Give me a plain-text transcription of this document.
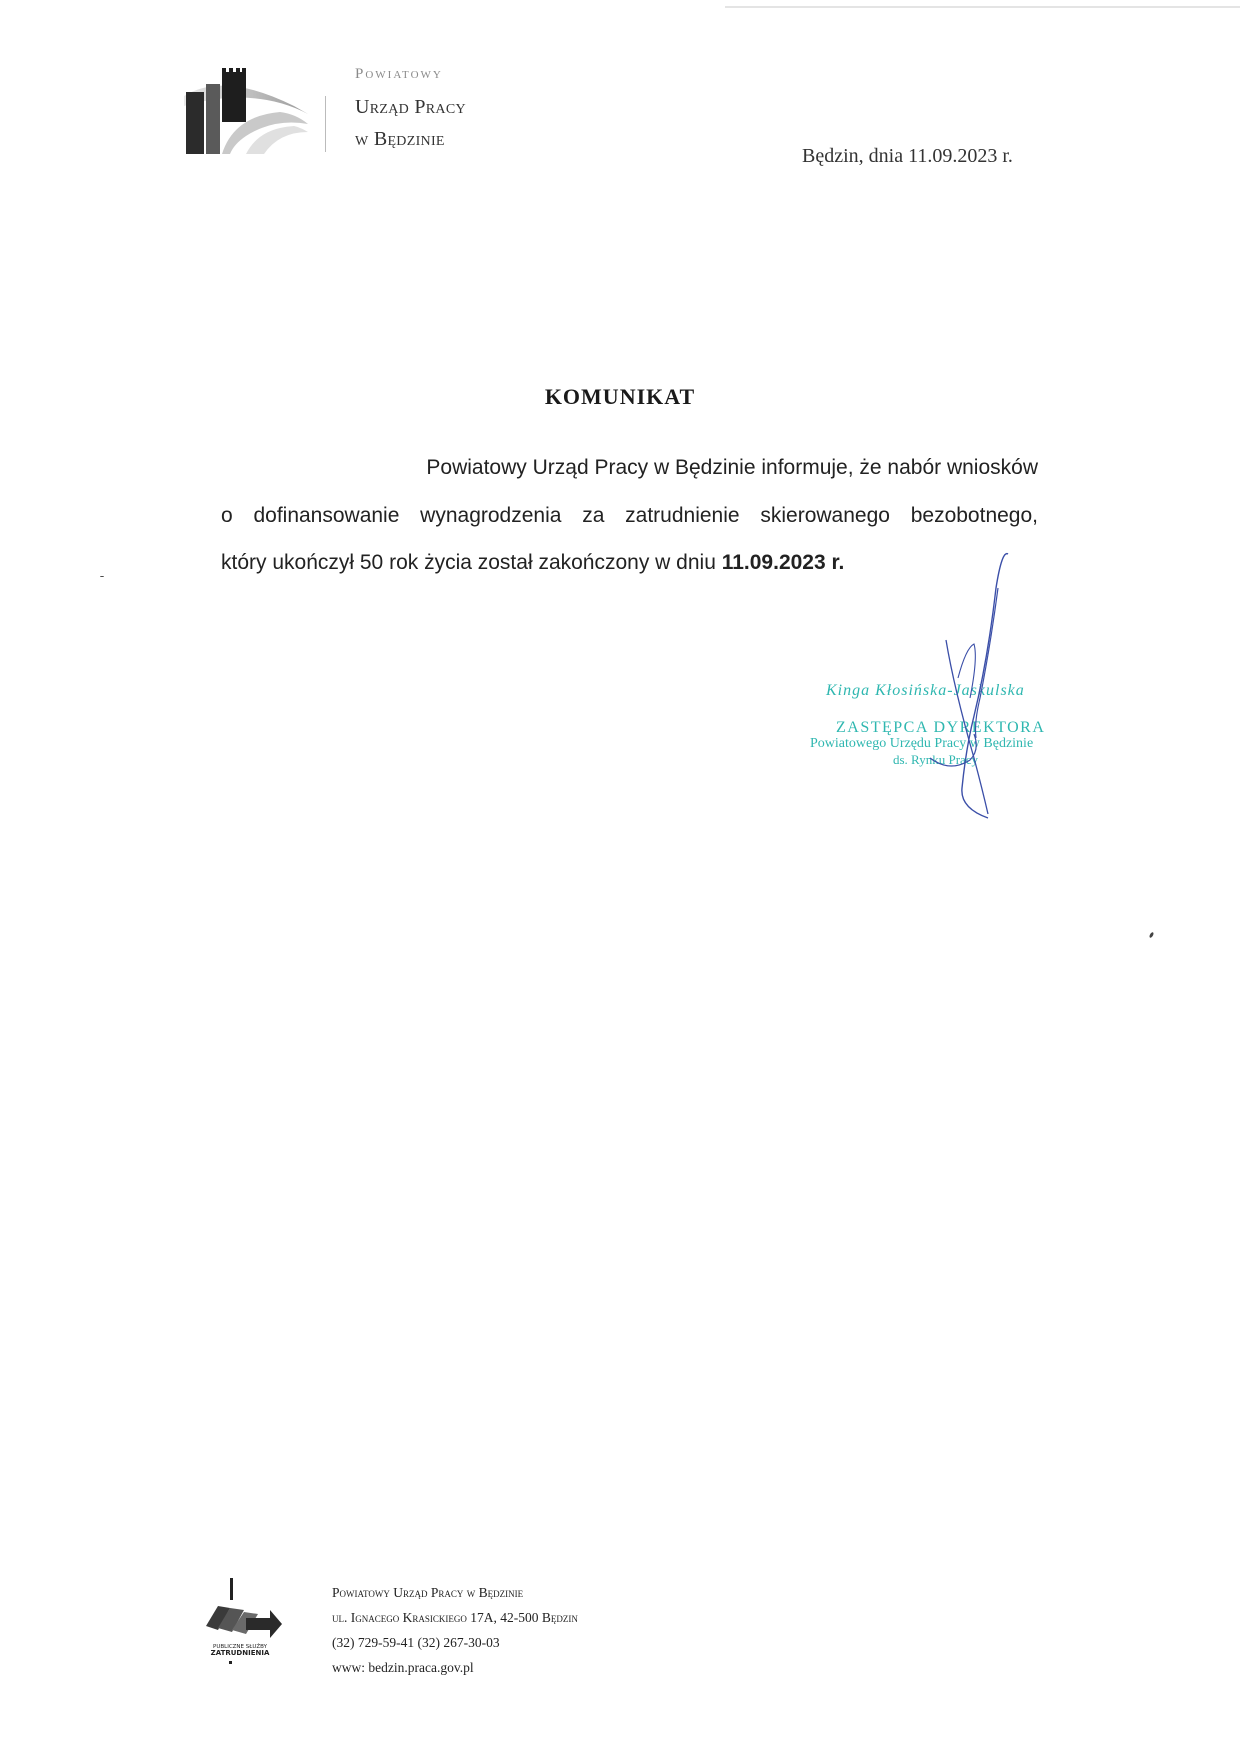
Powiatowy
Urząd Pracy
w Będzinie
Będzin, dnia 11.09.2023 r.
KOMUNIKAT
Powiatowy Urząd Pracy w Będzinie informuje, że nabór wniosków
o dofinansowanie wynagrodzenia za zatrudnienie skierowanego bezobotnego,
który ukończył 50 rok życia został zakończony w dniu 11.09.2023 r.
Kinga Kłosińska-Jaskulska
ZASTĘPCA DYREKTORA
Powiatowego Urzędu Pracy w Będzinie
ds. Rynku Pracy
PUBLICZNE SŁUŻBY
ZATRUDNIENIA
Powiatowy Urząd Pracy w Będzinie
ul. Ignacego Krasickiego 17A, 42-500 Będzin
(32) 729-59-41 (32) 267-30-03
www: bedzin.praca.gov.pl
